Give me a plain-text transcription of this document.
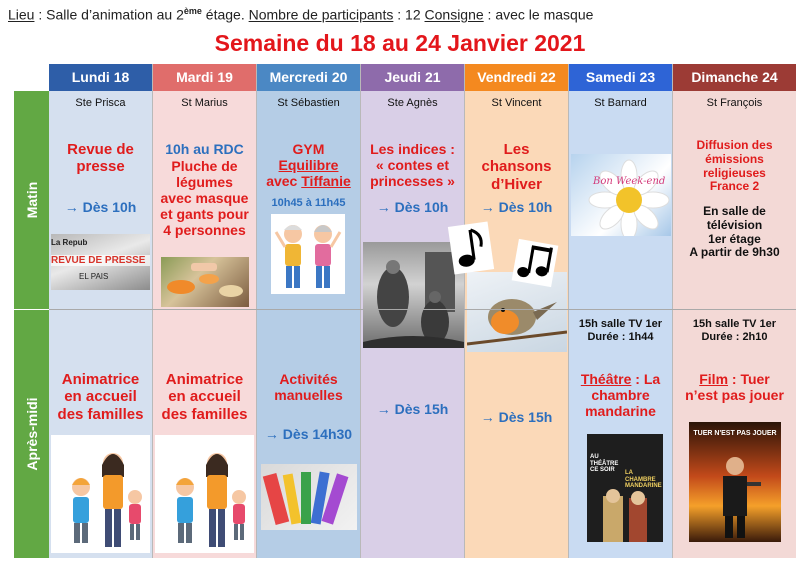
Lieu : Salle d’animation au 2ème étage. Nombre de participants : 12 Consigne : avec le masque
Semaine du 18 au 24 Janvier 2021
Matin
Après-midi
Lundi 18
Ste Prisca
Revue de
presse
→ Dès 10h
La Repub
REVUE DE PRESSE
EL PAIS
Animatrice
en accueil
des familles
Mardi 19
St Marius
10h au RDC
Pluche de
légumes
avec masque
et gants pour
4 personnes
Animatrice
en accueil
des familles
Mercredi 20
St Sébastien
GYM
Equilibre
avec Tiffanie
10h45 à 11h45
Activités
manuelles
→ Dès 14h30
Jeudi 21
Ste Agnès
Les indices :
« contes et
princesses »
→ Dès 10h
→ Dès 15h
Vendredi 22
St Vincent
Les
chansons
d’Hiver
→ Dès 10h
→ Dès 15h
Samedi 23
St Barnard
Bon Week-end
15h salle TV 1er
Durée : 1h44
Théâtre : La
chambre
mandarine
AU THÉÂTRE CE SOIR	LA CHAMBRE MANDARINE
Dimanche 24
St François
Diffusion des
émissions
religieuses
France 2
En salle de
télévision
1er étage
A partir de 9h30
15h salle TV 1er
Durée : 2h10
Film : Tuer
n’est pas jouer
TUER N'EST PAS JOUER
